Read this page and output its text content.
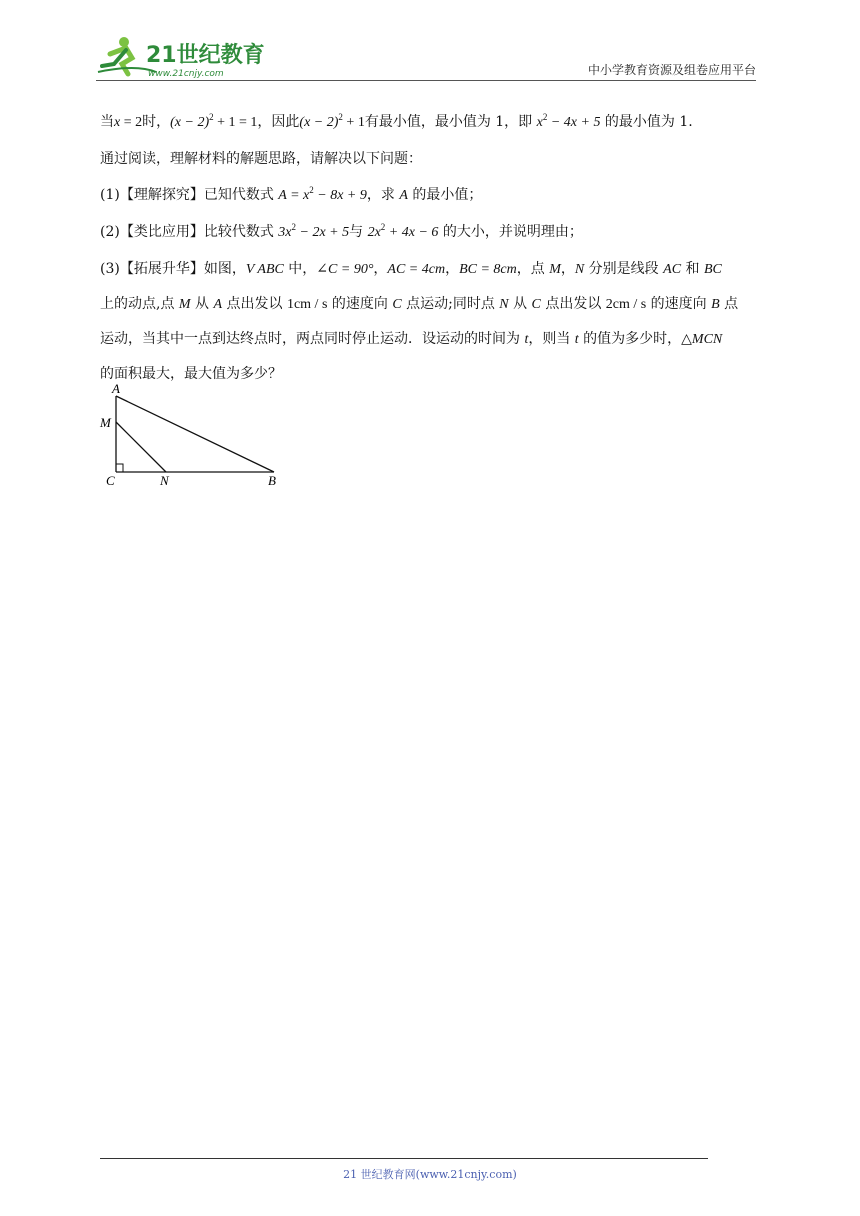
21世纪教育
www.21cnjy.com	中小学教育资源及组卷应用平台
当x = 2时，$(x - 2)^2 + 1 = 1$，因此$(x - 2)^2 + 1$有最小值，最小值为 1，即 $x^2 - 4x + 5$ 的最小值为 1.
通过阅读，理解材料的解题思路，请解决以下问题：
(1)【理解探究】已知代数式 $A = x^2 - 8x + 9$，求 A 的最小值；
(2)【类比应用】比较代数式 $3x^2 - 2x + 5$与 $2x^2 + 4x - 6$ 的大小，并说明理由；
(3)【拓展升华】如图，V ABC 中，∠C = 90°，AC = 4cm，BC = 8cm，点 M，N 分别是线段 AC 和 BC
上的动点,点 M 从 A 点出发以 1cm / s 的速度向 C 点运动;同时点 N 从 C 点出发以 2cm / s 的速度向 B 点
运动，当其中一点到达终点时，两点同时停止运动．设运动的时间为 t，则当 t 的值为多少时，△MCN
的面积最大，最大值为多少？
A
M
C	N	B
21 世纪教育网(www.21cnjy.com)
